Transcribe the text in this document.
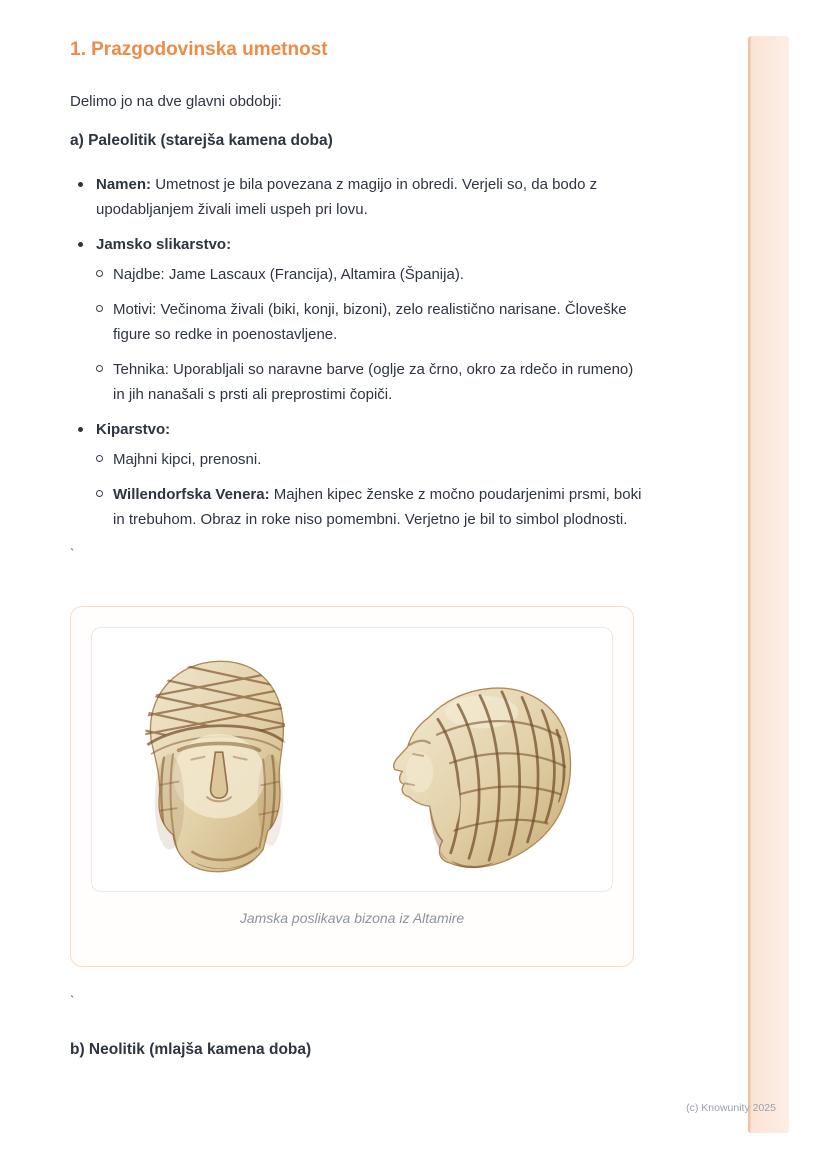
1. Prazgodovinska umetnost
Delimo jo na dve glavni obdobji:
a) Paleolitik (starejša kamena doba)
Namen: Umetnost je bila povezana z magijo in obredi. Verjeli so, da bodo z upodabljanjem živali imeli uspeh pri lovu.
Jamsko slikarstvo:
Najdbe: Jame Lascaux (Francija), Altamira (Španija).
Motivi: Večinoma živali (biki, konji, bizoni), zelo realistično narisane. Človeške figure so redke in poenostavljene.
Tehnika: Uporabljali so naravne barve (oglje za črno, okro za rdečo in rumeno) in jih nanašali s prsti ali preprostimi čopiči.
Kiparstvo:
Majhni kipci, prenosni.
Willendorfska Venera: Majhen kipec ženske z močno poudarjenimi prsmi, boki in trebuhom. Obraz in roke niso pomembni. Verjetno je bil to simbol plodnosti.
`
Jamska poslikava bizona iz Altamire
`
b) Neolitik (mlajša kamena doba)
(c) Knowunity 2025
